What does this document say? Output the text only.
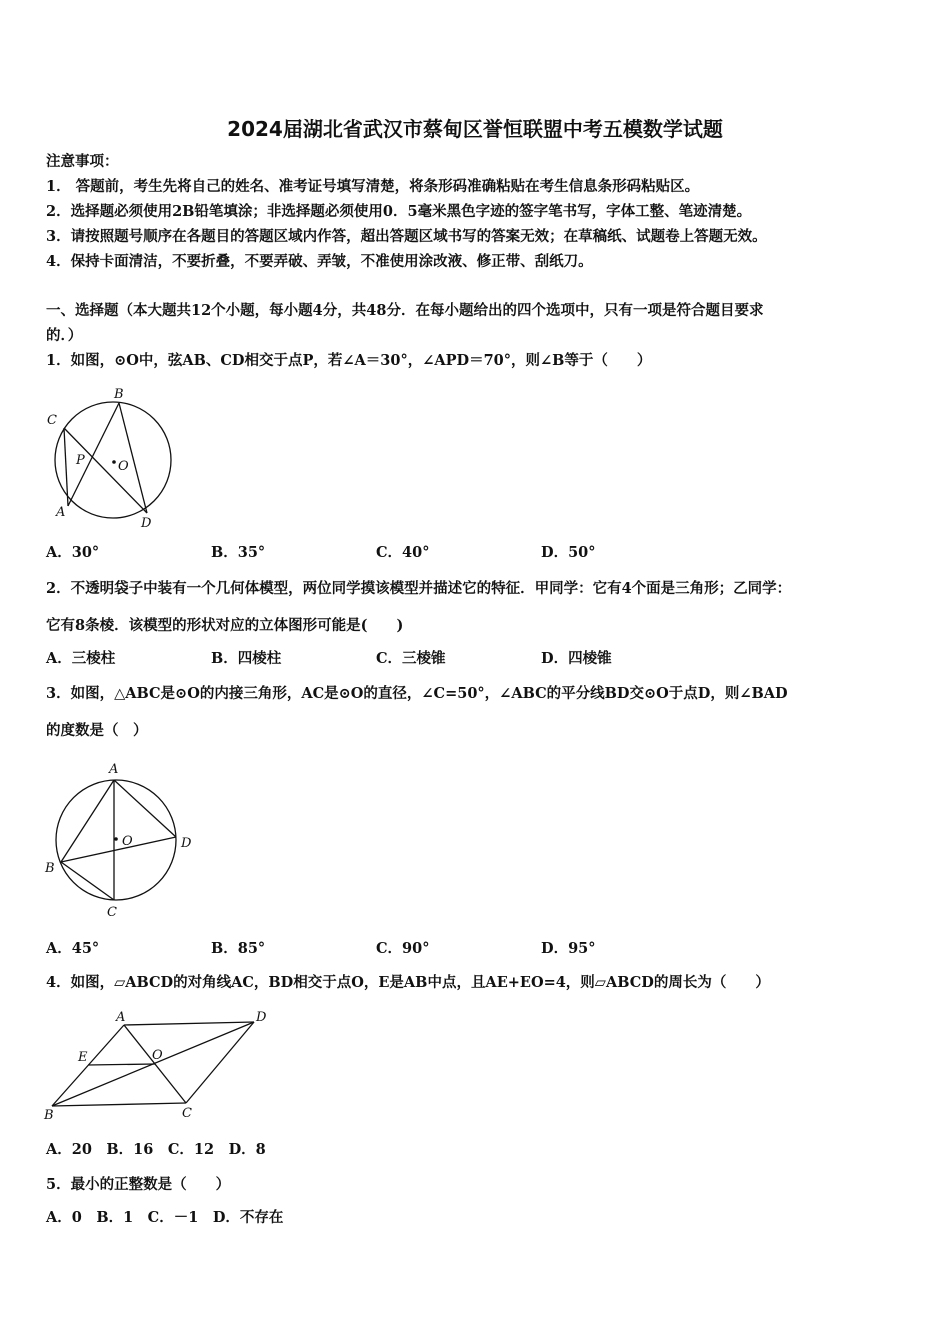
2024届湖北省武汉市蔡甸区誉恒联盟中考五模数学试题
注意事项：
1． 答题前，考生先将自己的姓名、准考证号填写清楚，将条形码准确粘贴在考生信息条形码粘贴区。
2．选择题必须使用2B铅笔填涂；非选择题必须使用0．5毫米黑色字迹的签字笔书写，字体工整、笔迹清楚。
3．请按照题号顺序在各题目的答题区域内作答，超出答题区域书写的答案无效；在草稿纸、试题卷上答题无效。
4．保持卡面清洁，不要折叠，不要弄破、弄皱，不准使用涂改液、修正带、刮纸刀。
一、选择题（本大题共12个小题，每小题4分，共48分．在每小题给出的四个选项中，只有一项是符合题目要求
的．）
1．如图，⊙O中，弦AB、CD相交于点P，若∠A＝30°，∠APD＝70°，则∠B等于（　　）
B
C
P	O
A
D
A．30°	B．35°	C．40°	D．50°
2．不透明袋子中装有一个几何体模型，两位同学摸该模型并描述它的特征．甲同学：它有4个面是三角形；乙同学：
它有8条棱．该模型的形状对应的立体图形可能是(　　)
A．三棱柱	B．四棱柱	C．三棱锥	D．四棱锥
3．如图，△ABC是⊙O的内接三角形，AC是⊙O的直径，∠C=50°，∠ABC的平分线BD交⊙O于点D，则∠BAD
的度数是（　）
A
O	D
B
C
A．45°	B．85°	C．90°	D．95°
4．如图，▱ABCD的对角线AC，BD相交于点O，E是AB中点，且AE+EO=4，则▱ABCD的周长为（　　）
A	D
E	O
B	C
A．20　B．16　C．12　D．8
5．最小的正整数是（　　）
A．0　B．1　C．－1　D．不存在
